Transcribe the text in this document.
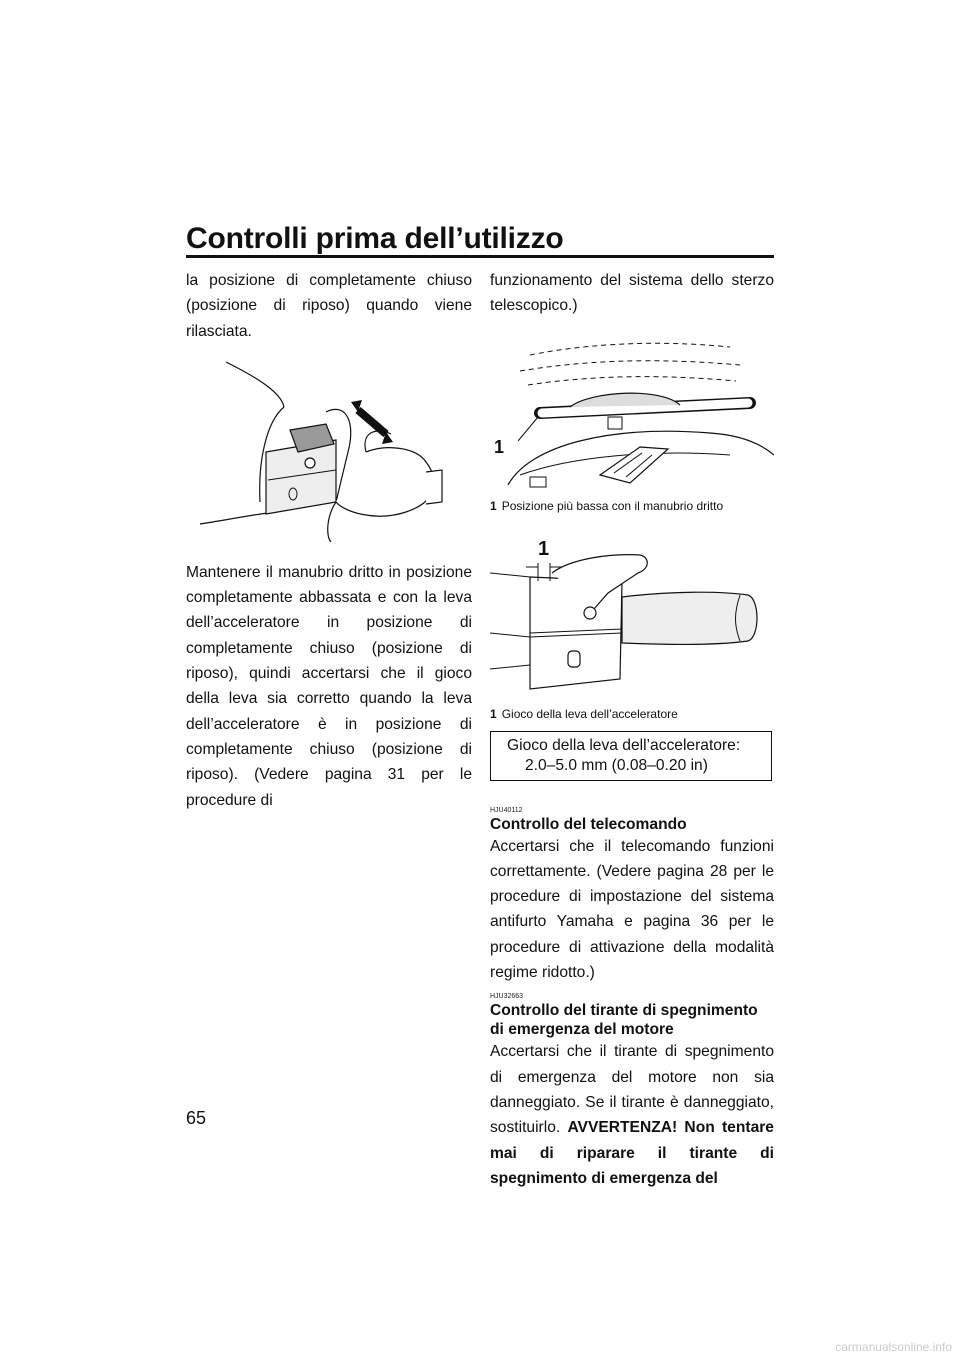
Controlli prima dell’utilizzo

la posizione di completamente chiuso (posizione di riposo) quando viene rilasciata.

Mantenere il manubrio dritto in posizione completamente abbassata e con la leva dell’acceleratore in posizione di completamente chiuso (posizione di riposo), quindi accertarsi che il gioco della leva sia corretto quando la leva dell’acceleratore è in posizione di completamente chiuso (posizione di riposo). (Vedere pagina 31 per le procedure di

funzionamento del sistema dello sterzo telescopico.)

1

1 Posizione più bassa con il manubrio dritto

1

1 Gioco della leva dell’acceleratore

Gioco della leva dell’acceleratore:
2.0–5.0 mm (0.08–0.20 in)

HJU40112

Controllo del telecomando

Accertarsi che il telecomando funzioni correttamente. (Vedere pagina 28 per le procedure di impostazione del sistema antifurto Yamaha e pagina 36 per le procedure di attivazione della modalità regime ridotto.)

HJU32663

Controllo del tirante di spegnimento di emergenza del motore

Accertarsi che il tirante di spegnimento di emergenza del motore non sia danneggiato. Se il tirante è danneggiato, sostituirlo. AVVERTENZA! Non tentare mai di riparare il tirante di spegnimento di emergenza del

65
carmanualsonline.info
